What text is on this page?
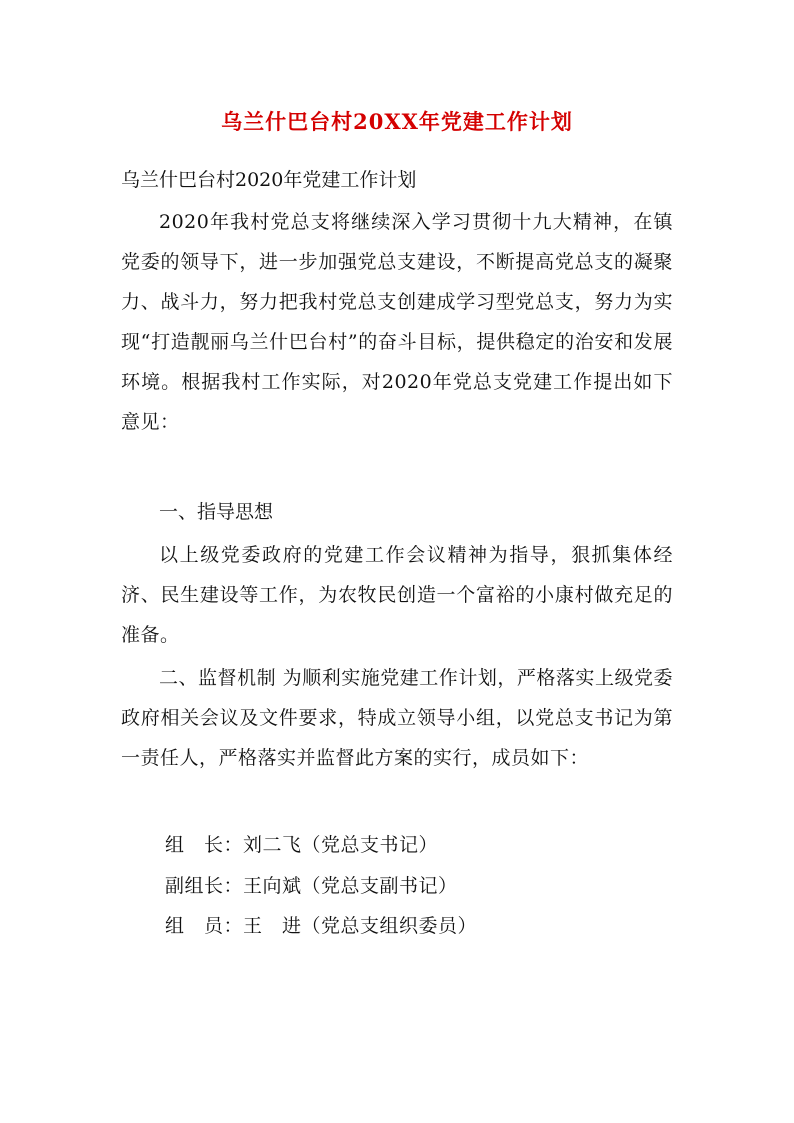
乌兰什巴台村20XX年党建工作计划
乌兰什巴台村2020年党建工作计划
2020年我村党总支将继续深入学习贯彻十九大精神，在镇党委的领导下，进一步加强党总支建设，不断提高党总支的凝聚力、战斗力，努力把我村党总支创建成学习型党总支，努力为实现“打造靓丽乌兰什巴台村”的奋斗目标，提供稳定的治安和发展环境。根据我村工作实际，对2020年党总支党建工作提出如下意见：
一、指导思想
以上级党委政府的党建工作会议精神为指导，狠抓集体经济、民生建设等工作，为农牧民创造一个富裕的小康村做充足的准备。
二、监督机制 为顺利实施党建工作计划，严格落实上级党委政府相关会议及文件要求，特成立领导小组，以党总支书记为第一责任人，严格落实并监督此方案的实行，成员如下：
组　长：刘二飞（党总支书记）
副组长：王向斌（党总支副书记）
组　员：王　进（党总支组织委员）
